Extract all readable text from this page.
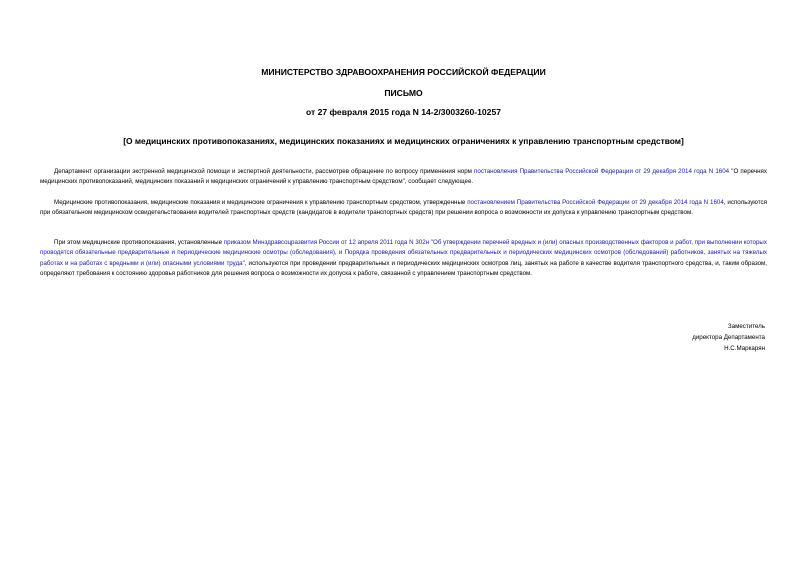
МИНИСТЕРСТВО ЗДРАВООХРАНЕНИЯ РОССИЙСКОЙ ФЕДЕРАЦИИ
ПИСЬМО
от 27 февраля 2015 года N 14-2/3003260-10257
[О медицинских противопоказаниях, медицинских показаниях и медицинских ограничениях к управлению транспортным средством]
Департамент организации экстренной медицинской помощи и экспертной деятельности, рассмотрев обращение по вопросу применения норм постановления Правительства Российской Федерации от 29 декабря 2014 года N 1604 "О перечнях медицинских противопоказаний, медицинских показаний и медицинских ограничений к управлению транспортным средством", сообщает следующее.
Медицинские противопоказания, медицинские показания и медицинские ограничения к управлению транспортным средством, утвержденные постановлением Правительства Российской Федерации от 29 декабря 2014 года N 1604, используются при обязательном медицинском освидетельствовании водителей транспортных средств (кандидатов в водители транспортных средств) при решении вопроса о возможности их допуска к управлению транспортным средством.
При этом медицинские противопоказания, установленные приказом Минздравсоцразвития России от 12 апреля 2011 года N 302н "Об утверждении перечней вредных и (или) опасных производственных факторов и работ, при выполнении которых проводятся обязательные предварительные и периодические медицинские осмотры (обследования), и Порядка проведения обязательных предварительных и периодических медицинских осмотров (обследований) работников, занятых на тяжелых работах и на работах с вредными и (или) опасными условиями труда", используются при проведении предварительных и периодических медицинских осмотров лиц, занятых на работе в качестве водителя транспортного средства, и, таким образом, определяют требования к состоянию здоровья работников для решения вопроса о возможности их допуска к работе, связанной с управлением транспортным средством.
Заместитель
директора Департамента
Н.С.Маркарян
